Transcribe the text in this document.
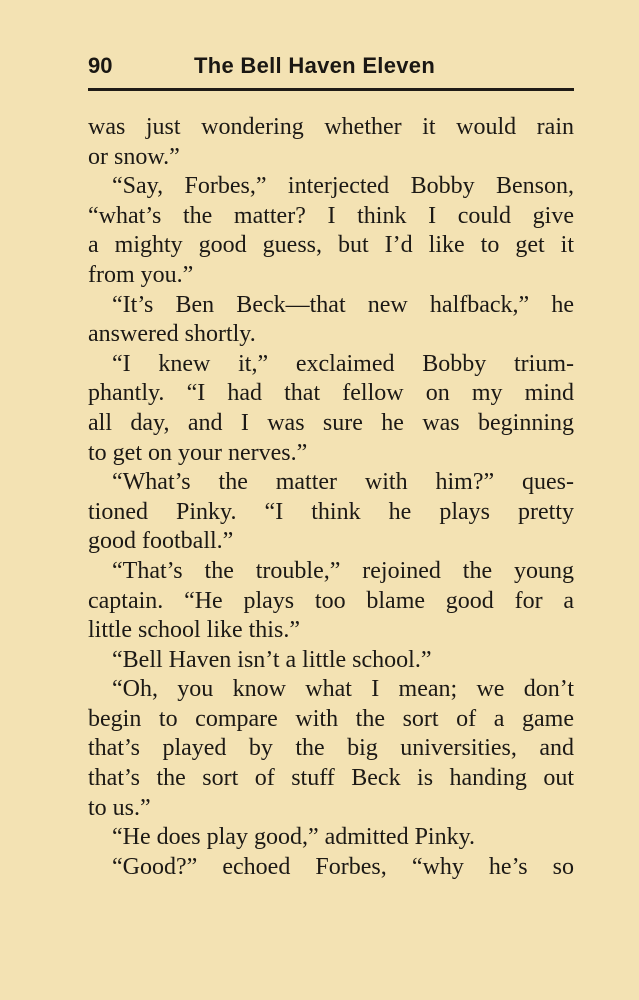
90	The Bell Haven Eleven
was just wondering whether it would rain
or snow.”
“Say, Forbes,” interjected Bobby Benson,
“what’s the matter? I think I could give
a mighty good guess, but I’d like to get it
from you.”
“It’s Ben Beck—that new halfback,” he
answered shortly.
“I knew it,” exclaimed Bobby trium-
phantly. “I had that fellow on my mind
all day, and I was sure he was beginning
to get on your nerves.”
“What’s the matter with him?” ques-
tioned Pinky. “I think he plays pretty
good football.”
“That’s the trouble,” rejoined the young
captain. “He plays too blame good for a
little school like this.”
“Bell Haven isn’t a little school.”
“Oh, you know what I mean; we don’t
begin to compare with the sort of a game
that’s played by the big universities, and
that’s the sort of stuff Beck is handing out
to us.”
“He does play good,” admitted Pinky.
“Good?” echoed Forbes, “why he’s so
